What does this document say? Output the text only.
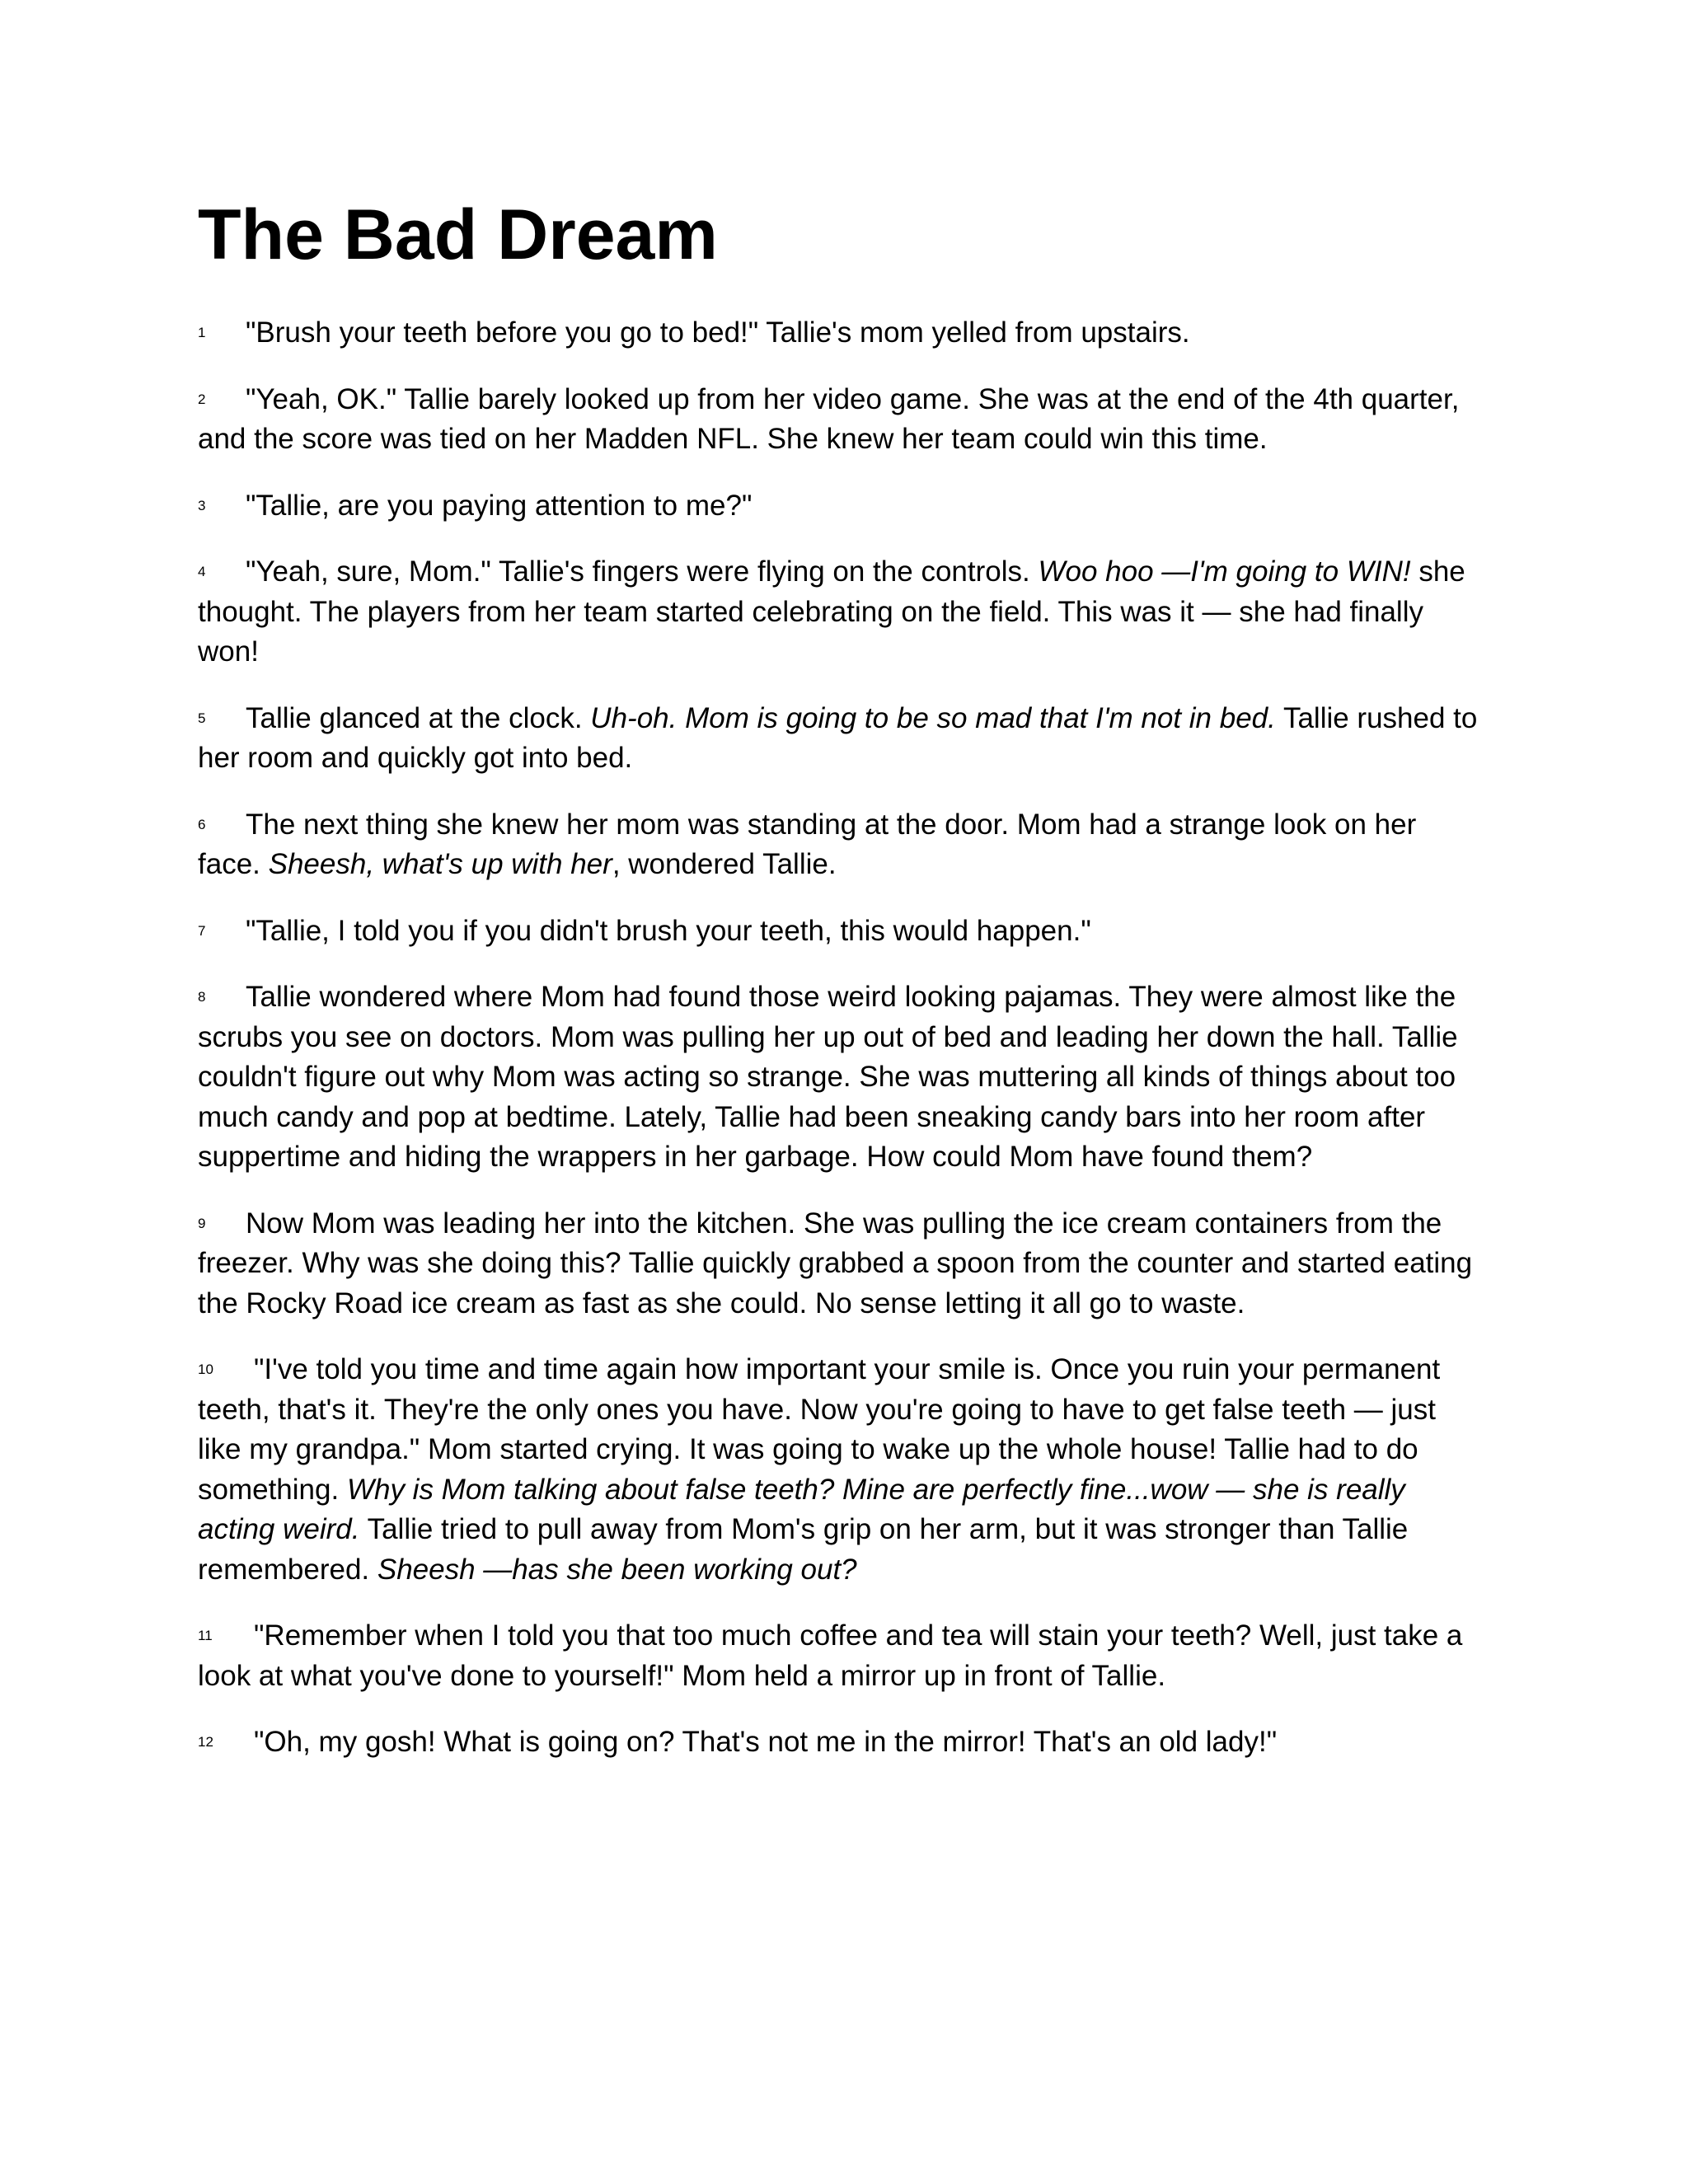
The Bad Dream

1 "Brush your teeth before you go to bed!" Tallie's mom yelled from upstairs.

2 "Yeah, OK." Tallie barely looked up from her video game. She was at the end of the 4th quarter, and the score was tied on her Madden NFL. She knew her team could win this time.

3 "Tallie, are you paying attention to me?"

4 "Yeah, sure, Mom." Tallie's fingers were flying on the controls. Woo hoo —I'm going to WIN! she thought. The players from her team started celebrating on the field. This was it — she had finally won!

5 Tallie glanced at the clock. Uh-oh. Mom is going to be so mad that I'm not in bed. Tallie rushed to her room and quickly got into bed.

6 The next thing she knew her mom was standing at the door. Mom had a strange look on her face. Sheesh, what's up with her, wondered Tallie.

7 "Tallie, I told you if you didn't brush your teeth, this would happen."

8 Tallie wondered where Mom had found those weird looking pajamas. They were almost like the scrubs you see on doctors. Mom was pulling her up out of bed and leading her down the hall. Tallie couldn't figure out why Mom was acting so strange. She was muttering all kinds of things about too much candy and pop at bedtime. Lately, Tallie had been sneaking candy bars into her room after suppertime and hiding the wrappers in her garbage. How could Mom have found them?

9 Now Mom was leading her into the kitchen. She was pulling the ice cream containers from the freezer. Why was she doing this? Tallie quickly grabbed a spoon from the counter and started eating the Rocky Road ice cream as fast as she could. No sense letting it all go to waste.

10 "I've told you time and time again how important your smile is. Once you ruin your permanent teeth, that's it. They're the only ones you have. Now you're going to have to get false teeth — just like my grandpa." Mom started crying. It was going to wake up the whole house! Tallie had to do something. Why is Mom talking about false teeth? Mine are perfectly fine...wow — she is really acting weird. Tallie tried to pull away from Mom's grip on her arm, but it was stronger than Tallie remembered. Sheesh —has she been working out?

11 "Remember when I told you that too much coffee and tea will stain your teeth? Well, just take a look at what you've done to yourself!" Mom held a mirror up in front of Tallie.

12 "Oh, my gosh! What is going on? That's not me in the mirror! That's an old lady!"
